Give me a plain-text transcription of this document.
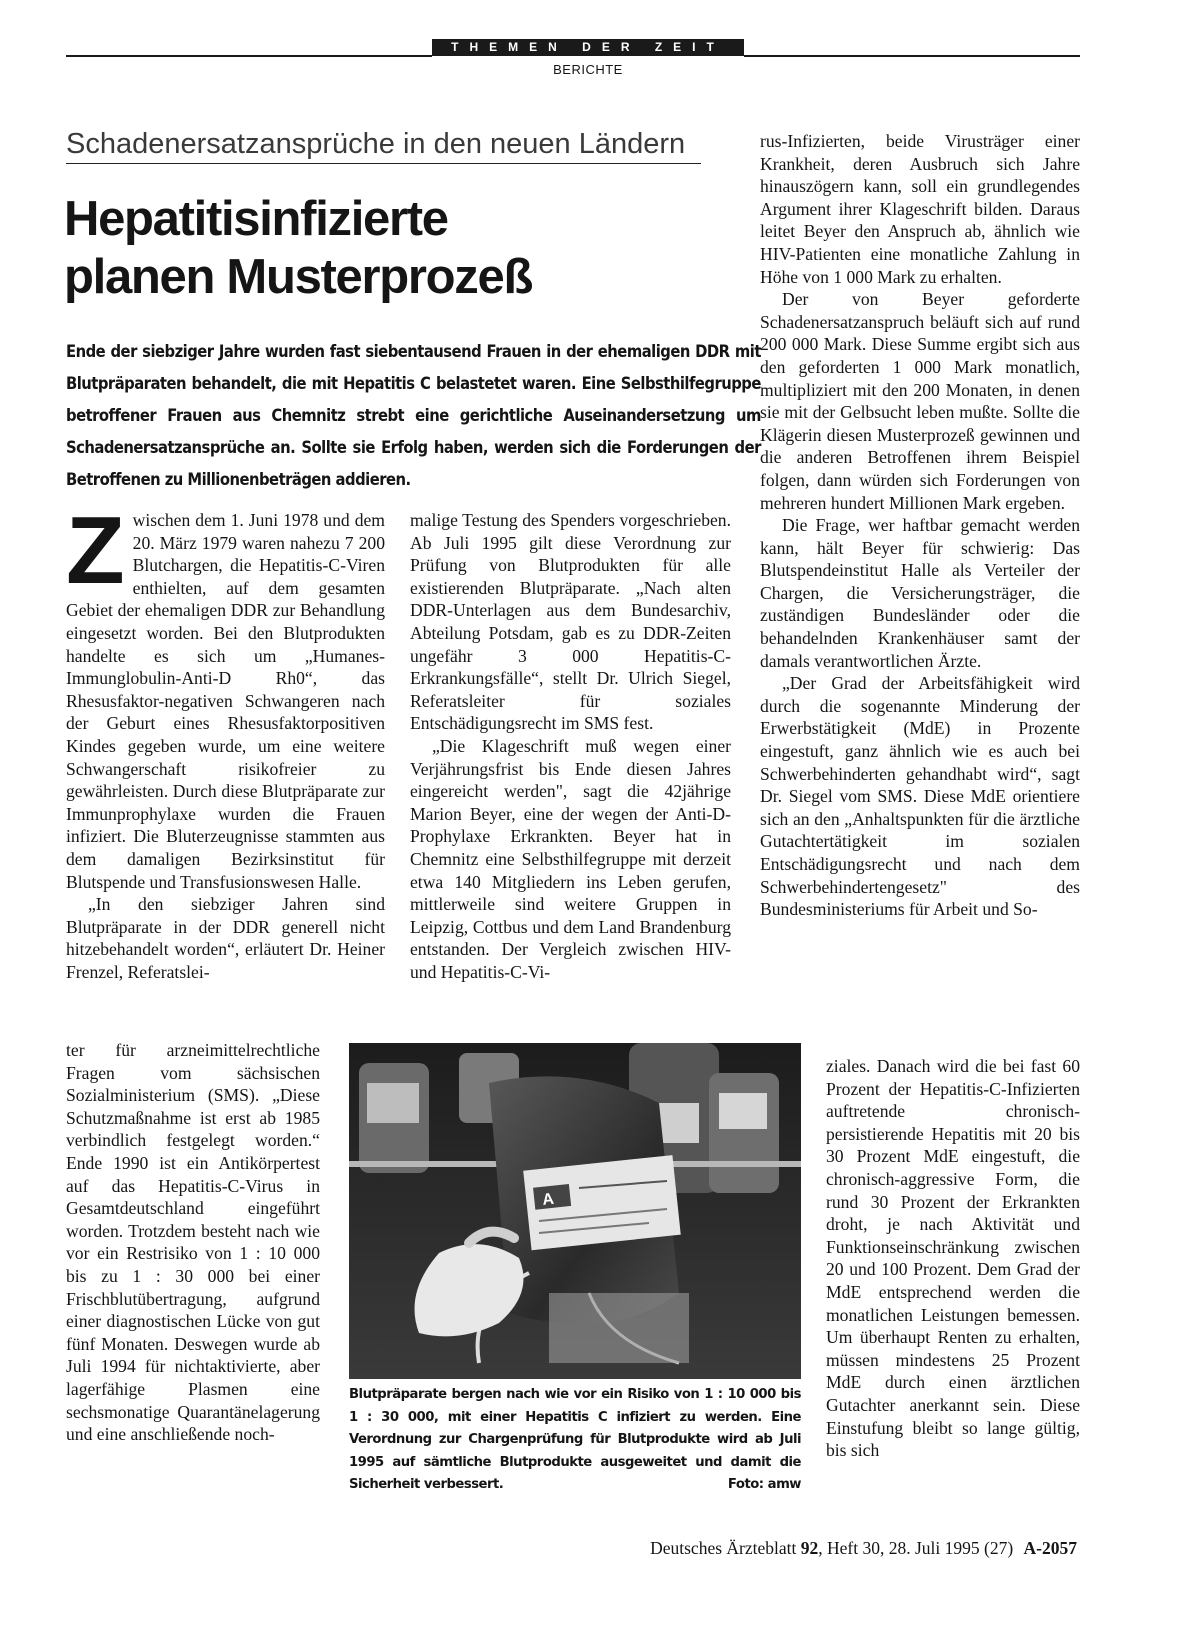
THEMEN DER ZEIT
BERICHTE
Schadenersatzansprüche in den neuen Ländern
Hepatitisinfizierte
planen Musterprozeß
Ende der siebziger Jahre wurden fast siebentausend Frauen in der ehemaligen DDR mit Blutpräparaten behandelt, die mit Hepatitis C belastetet waren. Eine Selbsthilfegruppe betroffener Frauen aus Chemnitz strebt eine gerichtliche Auseinandersetzung um Schadenersatzansprüche an. Sollte sie Erfolg haben, werden sich die Forderungen der Betroffenen zu Millionenbeträgen addieren.
Z wischen dem 1. Juni 1978 und dem 20. März 1979 waren nahezu 7 200 Blutchargen, die Hepatitis-C-Viren enthielten, auf dem gesamten Gebiet der ehemaligen DDR zur Behandlung eingesetzt worden. Bei den Blutprodukten handelte es sich um „Humanes-Immunglobulin-Anti-D Rh0“, das Rhesusfaktor-negativen Schwangeren nach der Geburt eines Rhesusfaktorpositiven Kindes gegeben wurde, um eine weitere Schwangerschaft risikofreier zu gewährleisten. Durch diese Blutpräparate zur Immunprophylaxe wurden die Frauen infiziert. Die Bluterzeugnisse stammten aus dem damaligen Bezirksinstitut für Blutspende und Transfusionswesen Halle.

„In den siebziger Jahren sind Blutpräparate in der DDR generell nicht hitzebehandelt worden“, erläutert Dr. Heiner Frenzel, Referatslei-

ter für arzneimittelrechtliche Fragen vom sächsischen Sozialministerium (SMS). „Diese Schutzmaßnahme ist erst ab 1985 verbindlich festgelegt worden.“ Ende 1990 ist ein Antikörpertest auf das Hepatitis-C-Virus in Gesamtdeutschland eingeführt worden. Trotzdem besteht nach wie vor ein Restrisiko von 1 : 10 000 bis zu 1 : 30 000 bei einer Frischblutübertragung, aufgrund einer diagnostischen Lücke von gut fünf Monaten. Deswegen wurde ab Juli 1994 für nichtaktivierte, aber lagerfähige Plasmen eine sechsmonatige Quarantänelagerung und eine anschließende noch-

malige Testung des Spenders vorgeschrieben. Ab Juli 1995 gilt diese Verordnung zur Prüfung von Blutprodukten für alle existierenden Blutpräparate. „Nach alten DDR-Unterlagen aus dem Bundesarchiv, Abteilung Potsdam, gab es zu DDR-Zeiten ungefähr 3 000 Hepatitis-C-Erkrankungsfälle“, stellt Dr. Ulrich Siegel, Referatsleiter für soziales Entschädigungsrecht im SMS fest.

„Die Klageschrift muß wegen einer Verjährungsfrist bis Ende diesen Jahres eingereicht werden", sagt die 42jährige Marion Beyer, eine der wegen der Anti-D-Prophylaxe Erkrankten. Beyer hat in Chemnitz eine Selbsthilfegruppe mit derzeit etwa 140 Mitgliedern ins Leben gerufen, mittlerweile sind weitere Gruppen in Leipzig, Cottbus und dem Land Brandenburg entstanden. Der Vergleich zwischen HIV- und Hepatitis-C-Vi-

rus-Infizierten, beide Virusträger einer Krankheit, deren Ausbruch sich Jahre hinauszögern kann, soll ein grundlegendes Argument ihrer Klageschrift bilden. Daraus leitet Beyer den Anspruch ab, ähnlich wie HIV-Patienten eine monatliche Zahlung in Höhe von 1 000 Mark zu erhalten.

Der von Beyer geforderte Schadenersatzanspruch beläuft sich auf rund 200 000 Mark. Diese Summe ergibt sich aus den geforderten 1 000 Mark monatlich, multipliziert mit den 200 Monaten, in denen sie mit der Gelbsucht leben mußte. Sollte die Klägerin diesen Musterprozeß gewinnen und die anderen Betroffenen ihrem Beispiel folgen, dann würden sich Forderungen von mehreren hundert Millionen Mark ergeben.

Die Frage, wer haftbar gemacht werden kann, hält Beyer für schwierig: Das Blutspendeinstitut Halle als Verteiler der Chargen, die Versicherungsträger, die zuständigen Bundesländer oder die behandelnden Krankenhäuser samt der damals verantwortlichen Ärzte.

„Der Grad der Arbeitsfähigkeit wird durch die sogenannte Minderung der Erwerbstätigkeit (MdE) in Prozente eingestuft, ganz ähnlich wie es auch bei Schwerbehinderten gehandhabt wird“, sagt Dr. Siegel vom SMS. Diese MdE orientiere sich an den „Anhaltspunkten für die ärztliche Gutachtertätigkeit im sozialen Entschädigungsrecht und nach dem Schwerbehindertengesetz" des Bundesministeriums für Arbeit und So-

ziales. Danach wird die bei fast 60 Prozent der Hepatitis-C-Infizierten auftretende chronisch-persistierende Hepatitis mit 20 bis 30 Prozent MdE eingestuft, die chronisch-aggressive Form, die rund 30 Prozent der Erkrankten droht, je nach Aktivität und Funktionseinschränkung zwischen 20 und 100 Prozent. Dem Grad der MdE entsprechend werden die monatlichen Leistungen bemessen. Um überhaupt Renten zu erhalten, müssen mindestens 25 Prozent MdE durch einen ärztlichen Gutachter anerkannt sein. Diese Einstufung bleibt so lange gültig, bis sich

A
Blutpräparate bergen nach wie vor ein Risiko von 1 : 10 000 bis 1 : 30 000, mit einer Hepatitis C infiziert zu werden. Eine Verordnung zur Chargenprüfung für Blutprodukte wird ab Juli 1995 auf sämtliche Blutprodukte ausgeweitet und damit die Sicherheit verbessert.	Foto: amw
Deutsches Ärzteblatt 92, Heft 30, 28. Juli 1995 (27) A-2057
